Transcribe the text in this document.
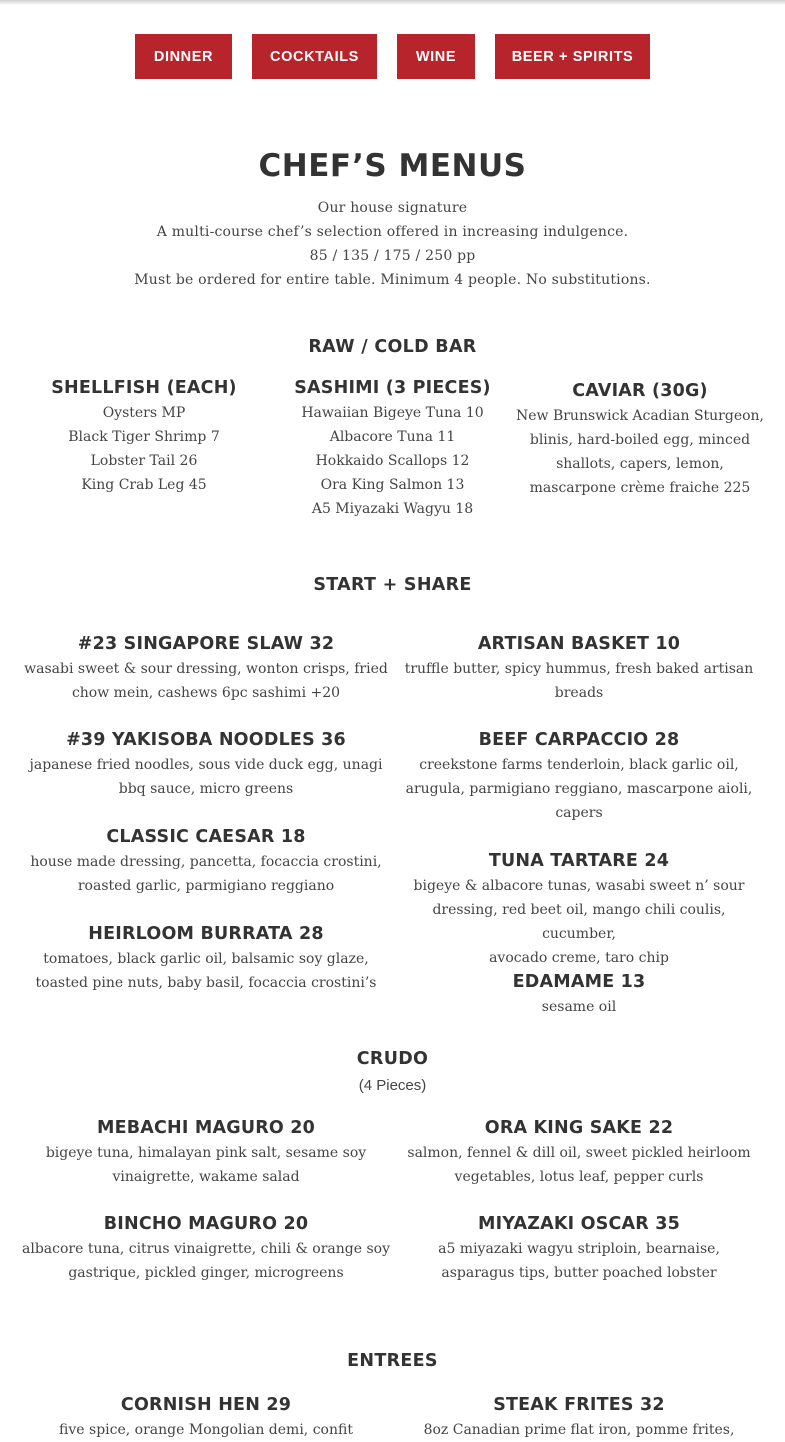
DINNER	COCKTAILS	WINE	BEER + SPIRITS
CHEF’S MENUS
Our house signature
A multi-course chef’s selection offered in increasing indulgence.
85 / 135 / 175 / 250 pp
Must be ordered for entire table. Minimum 4 people. No substitutions.
RAW / COLD BAR
SHELLFISH (EACH)
Oysters MP
Black Tiger Shrimp 7
Lobster Tail 26
King Crab Leg 45
SASHIMI (3 PIECES)
Hawaiian Bigeye Tuna 10
Albacore Tuna 11
Hokkaido Scallops 12
Ora King Salmon 13
A5 Miyazaki Wagyu 18
CAVIAR (30G)
New Brunswick Acadian Sturgeon,
blinis, hard-boiled egg, minced
shallots, capers, lemon,
mascarpone crème fraiche 225
START + SHARE
#23 SINGAPORE SLAW 32
wasabi sweet & sour dressing, wonton crisps, fried
chow mein, cashews 6pc sashimi +20
#39 YAKISOBA NOODLES 36
japanese fried noodles, sous vide duck egg, unagi
bbq sauce, micro greens
CLASSIC CAESAR 18
house made dressing, pancetta, focaccia crostini,
roasted garlic, parmigiano reggiano
HEIRLOOM BURRATA 28
tomatoes, black garlic oil, balsamic soy glaze,
toasted pine nuts, baby basil, focaccia crostini’s
ARTISAN BASKET 10
truffle butter, spicy hummus, fresh baked artisan
breads
BEEF CARPACCIO 28
creekstone farms tenderloin, black garlic oil,
arugula, parmigiano reggiano, mascarpone aioli,
capers
TUNA TARTARE 24
bigeye & albacore tunas, wasabi sweet n’ sour
dressing, red beet oil, mango chili coulis, cucumber,
avocado creme, taro chip
EDAMAME 13
sesame oil
CRUDO
(4 Pieces)
MEBACHI MAGURO 20
bigeye tuna, himalayan pink salt, sesame soy
vinaigrette, wakame salad
BINCHO MAGURO 20
albacore tuna, citrus vinaigrette, chili & orange soy
gastrique, pickled ginger, microgreens
ORA KING SAKE 22
salmon, fennel & dill oil, sweet pickled heirloom
vegetables, lotus leaf, pepper curls
MIYAZAKI OSCAR 35
a5 miyazaki wagyu striploin, bearnaise,
asparagus tips, butter poached lobster
ENTREES
CORNISH HEN 29
five spice, orange Mongolian demi, confit
STEAK FRITES 32
8oz Canadian prime flat iron, pomme frites,
